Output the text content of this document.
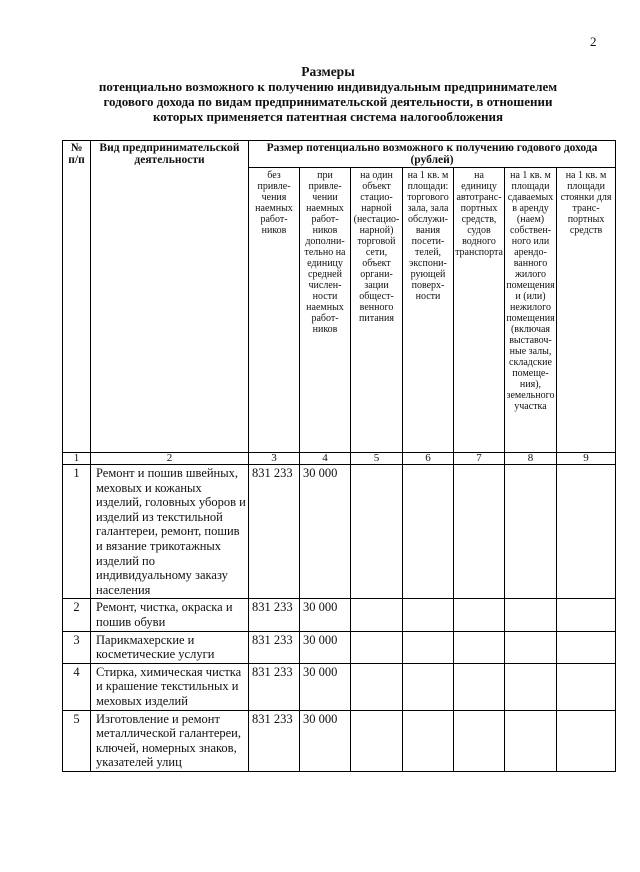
2
Размеры
потенциально возможного к получению индивидуальным предпринимателем
годового дохода по видам предпринимательской деятельности, в отношении
которых применяется патентная система налогообложения
№ п/п	Вид предпринимательской деятельности	Размер потенциально возможного к получению годового дохода (рублей)						
		без привле-чения наемных работ-ников	при привле-чении наемных работ-ников дополни-тельно на единицу средней числен-ности наемных работ-ников	на один объект стацио-нарной (нестацио-нарной) торговой сети, объект органи-зации общест-венного питания	на 1 кв. м площади: торгового зала, зала обслужи-вания посети-телей, экспони-рующей поверх-ности	на единицу автотранс-портных средств, судов водного транспорта	на 1 кв. м площади сдаваемых в аренду (наем) собствен-ного или арендо-ванного жилого помещения и (или) нежилого помещения (включая выставоч-ные залы, складские помеще-ния), земельного участка	на 1 кв. м площади стоянки для транс-портных средств
1	2	3	4	5	6	7	8	9
1	Ремонт и пошив швейных, меховых и кожаных изделий, головных уборов и изделий из текстильной галантереи, ремонт, пошив и вязание трикотажных изделий по индивидуальному заказу населения	831 233	30 000					
2	Ремонт, чистка, окраска и пошив обуви	831 233	30 000					
3	Парикмахерские и косметические услуги	831 233	30 000					
4	Стирка, химическая чистка и крашение текстильных и меховых изделий	831 233	30 000					
5	Изготовление и ремонт металлической галантереи, ключей, номерных знаков, указателей улиц	831 233	30 000					
